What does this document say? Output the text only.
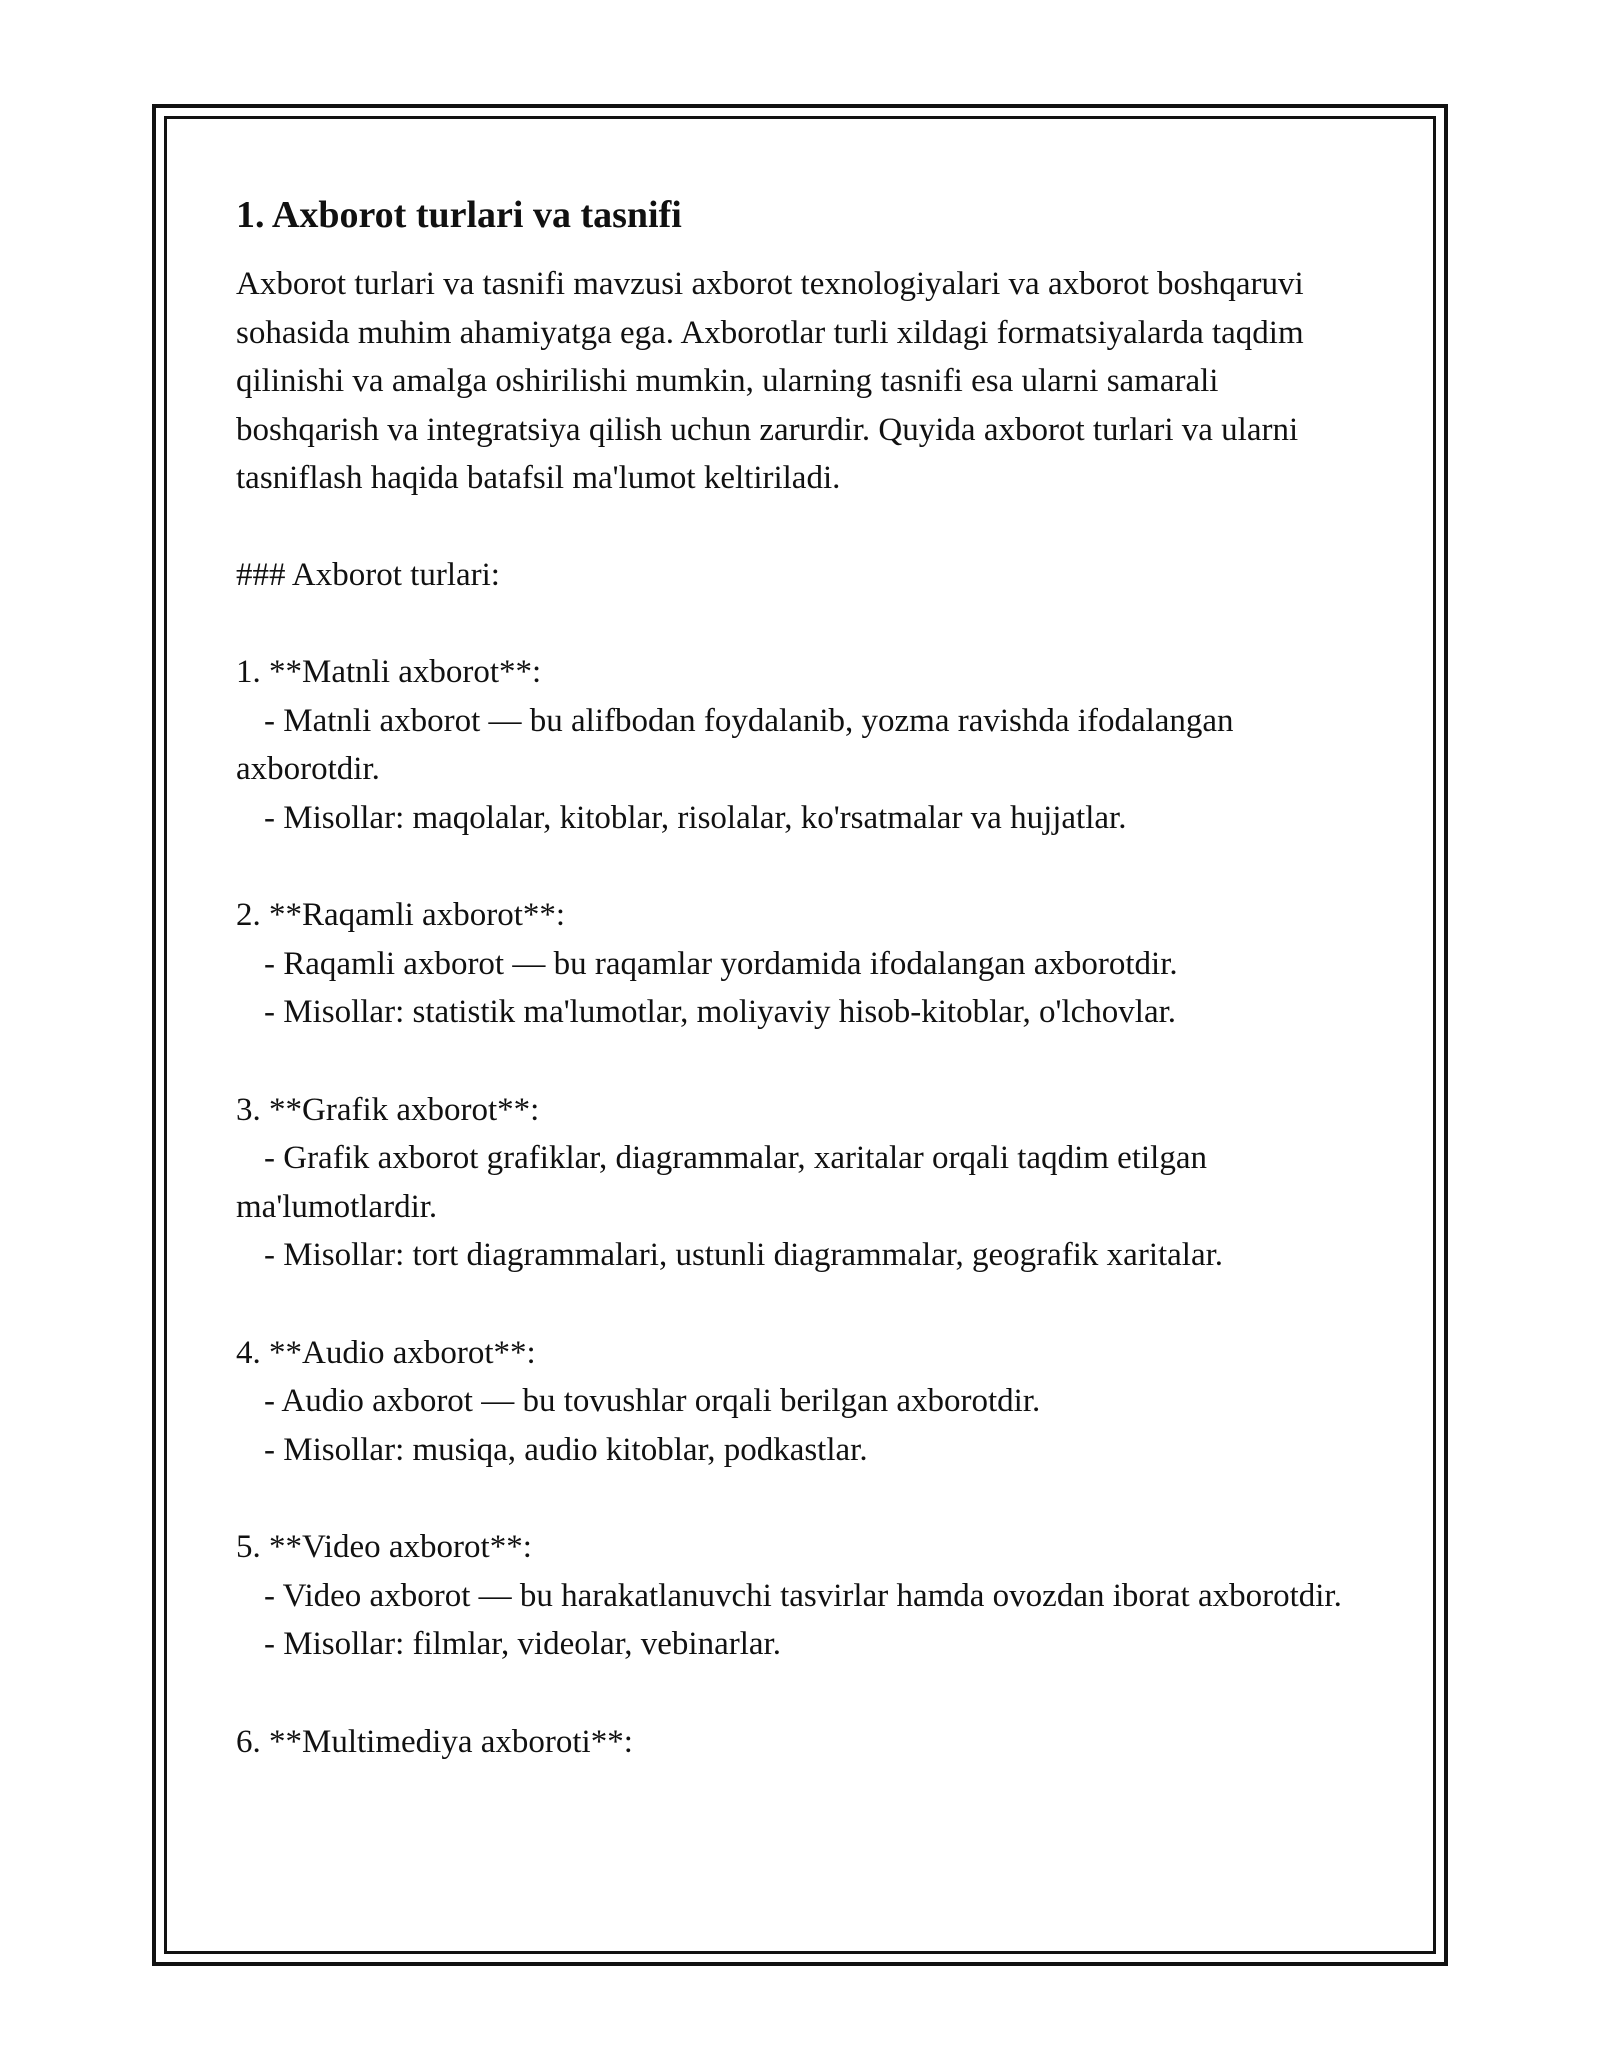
1. Axborot turlari va tasnifi

Axborot turlari va tasnifi mavzusi axborot texnologiyalari va axborot boshqaruvi sohasida muhim ahamiyatga ega. Axborotlar turli xildagi formatsiyalarda taqdim qilinishi va amalga oshirilishi mumkin, ularning tasnifi esa ularni samarali boshqarish va integratsiya qilish uchun zarurdir. Quyida axborot turlari va ularni tasniflash haqida batafsil ma'lumot keltiriladi.

### Axborot turlari:

1. **Matnli axborot**:

- Matnli axborot — bu alifbodan foydalanib, yozma ravishda ifodalangan axborotdir.

- Misollar: maqolalar, kitoblar, risolalar, ko'rsatmalar va hujjatlar.

2. **Raqamli axborot**:

- Raqamli axborot — bu raqamlar yordamida ifodalangan axborotdir.

- Misollar: statistik ma'lumotlar, moliyaviy hisob-kitoblar, o'lchovlar.

3. **Grafik axborot**:

- Grafik axborot grafiklar, diagrammalar, xaritalar orqali taqdim etilgan ma'lumotlardir.

- Misollar: tort diagrammalari, ustunli diagrammalar, geografik xaritalar.

4. **Audio axborot**:

- Audio axborot — bu tovushlar orqali berilgan axborotdir.

- Misollar: musiqa, audio kitoblar, podkastlar.

5. **Video axborot**:

- Video axborot — bu harakatlanuvchi tasvirlar hamda ovozdan iborat axborotdir.

- Misollar: filmlar, videolar, vebinarlar.

6. **Multimediya axboroti**:
